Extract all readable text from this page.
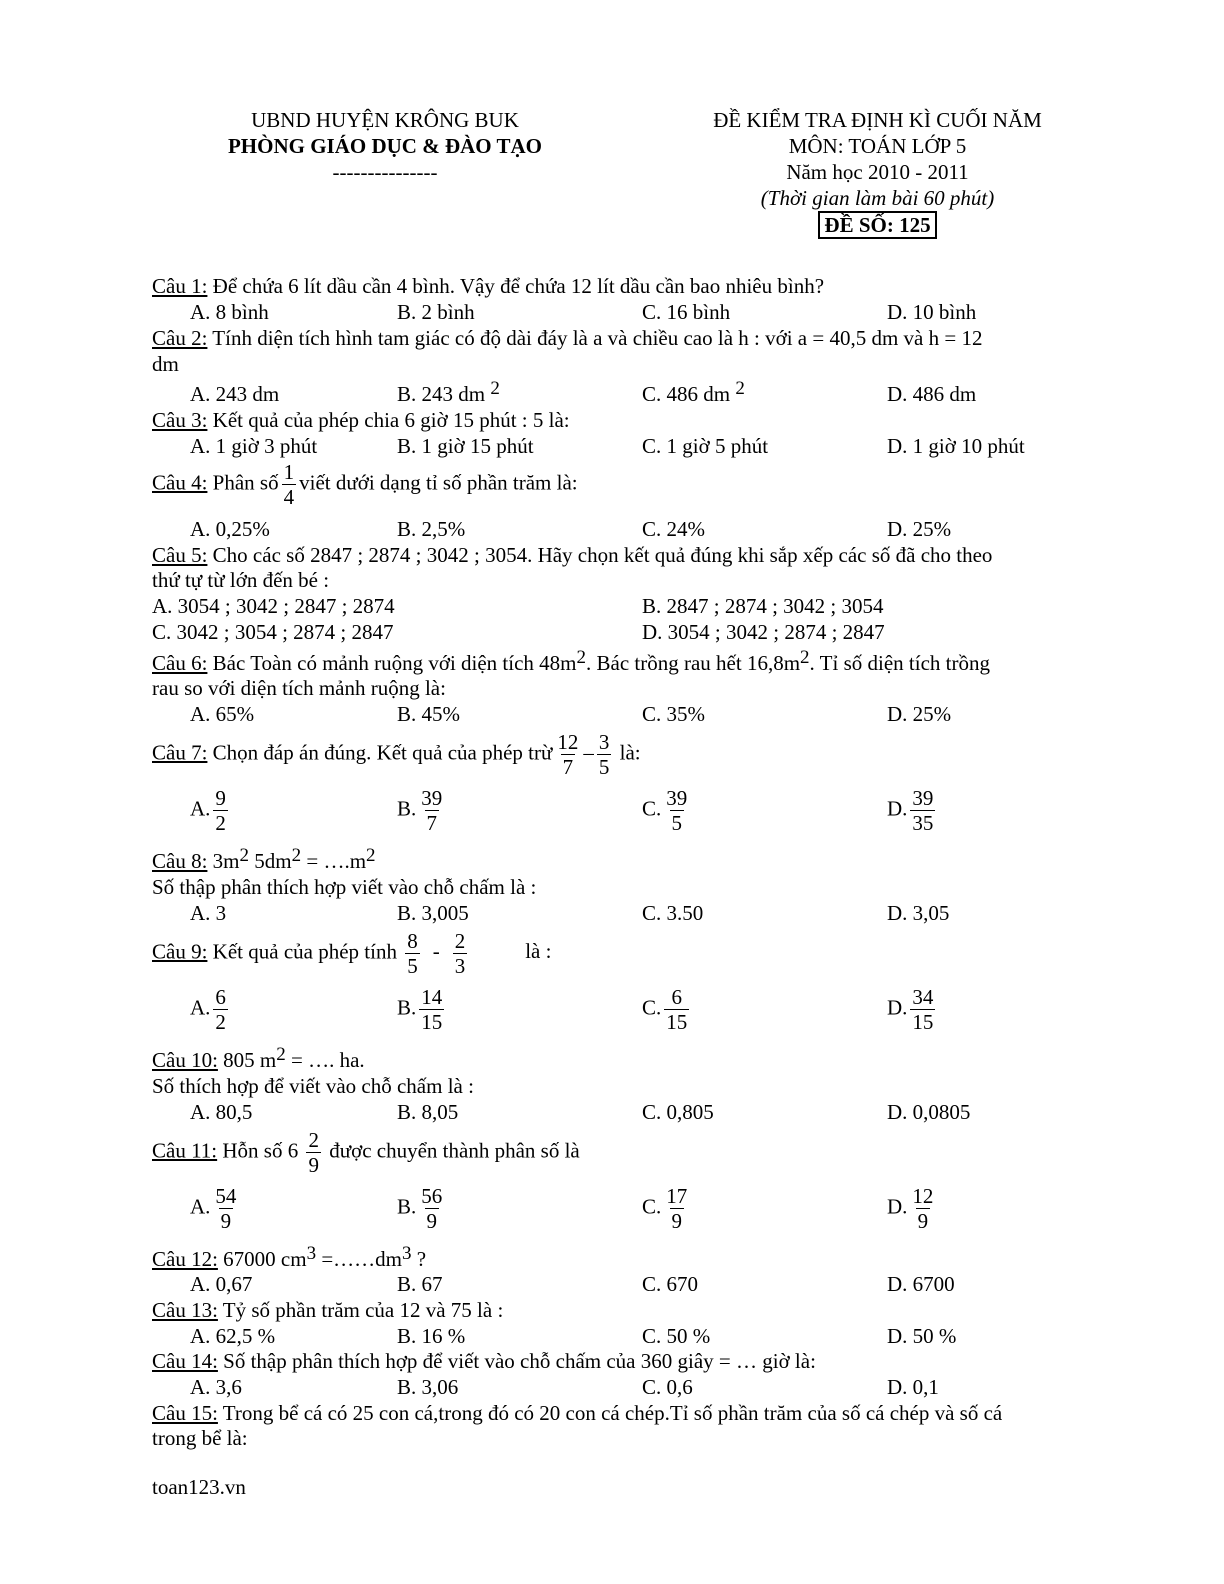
UBND HUYỆN KRÔNG BUK
PHÒNG GIÁO DỤC & ĐÀO TẠO
---------------
ĐỀ KIỂM TRA ĐỊNH KÌ CUỐI NĂM
MÔN: TOÁN LỚP 5
Năm học 2010 - 2011
(Thời gian làm bài 60 phút)
ĐỀ SỐ: 125
Câu 1: Để chứa 6 lít dầu cần 4 bình. Vậy để chứa 12 lít dầu cần bao nhiêu bình?
A. 8 bình	B. 2 bình	C. 16 bình	D. 10 bình
Câu 2: Tính diện tích hình tam giác có độ dài đáy là a và chiều cao là h : với a = 40,5 dm và h = 12
dm
A. 243 dm	B. 243 dm $^2$	C. 486 dm $^2$	D. 486 dm
Câu 3: Kết quả của phép chia 6 giờ 15 phút : 5 là:
A. 1 giờ 3 phút	B. 1 giờ 15 phút	C. 1 giờ 5 phút	D. 1 giờ 10 phút
Câu 4: Phân số $\frac{1}{4}$ viết dưới dạng tỉ số phần trăm là:
A. 0,25%	B. 2,5%	C. 24%	D. 25%
Câu 5: Cho các số 2847 ; 2874 ; 3042 ; 3054. Hãy chọn kết quả đúng khi sắp xếp các số đã cho theo
thứ tự từ lớn đến bé :
A. 3054 ; 3042 ; 2847 ; 2874	B. 2847 ; 2874 ; 3042 ; 3054
C. 3042 ; 3054 ; 2874 ; 2847	D. 3054 ; 3042 ; 2874 ; 2847
Câu 6: Bác Toàn có mảnh ruộng với diện tích $48m^2$. Bác trồng rau hết $16,8m^2$. Tỉ số diện tích trồng
rau so với diện tích mảnh ruộng là:
A. 65%	B. 45%	C. 35%	D. 25%
Câu 7: Chọn đáp án đúng. Kết quả của phép trừ $\frac{12}{7} - \frac{3}{5}$ là:
A. $\frac{9}{2}$	B. $\frac{39}{7}$	C. $\frac{39}{5}$	D. $\frac{39}{35}$
Câu 8: $3m^2$ $5dm^2$ = $\dots.m^2$
Số thập phân thích hợp viết vào chỗ chấm là :
A. 3	B. 3,005	C. 3.50	D. 3,05
Câu 9: Kết quả của phép tính $\frac{8}{5} - \frac{2}{3}$	là :
A. $\frac{6}{2}$	B. $\frac{14}{15}$	C. $\frac{6}{15}$	D. $\frac{34}{15}$
Câu 10: 805 $m^2$ = …. ha.
Số thích hợp để viết vào chỗ chấm là :
A. 80,5	B. 8,05	C. 0,805	D. 0,0805
Câu 11: Hỗn số $6 \frac{2}{9}$ được chuyển thành phân số là
A. $\frac{54}{9}$	B. $\frac{56}{9}$	C. $\frac{17}{9}$	D. $\frac{12}{9}$
Câu 12: 67000 $cm^3$ $=\dots\dots dm^3$ ?
A. 0,67	B. 67	C. 670	D. 6700
Câu 13: Tỷ số phần trăm của 12 và 75 là :
A. 62,5 %	B. 16 %	C. 50 %	D. 50 %
Câu 14: Số thập phân thích hợp để viết vào chỗ chấm của 360 giây = … giờ là:
A. 3,6	B. 3,06	C. 0,6	D. 0,1
Câu 15: Trong bể cá có 25 con cá,trong đó có 20 con cá chép.Tỉ số phần trăm của số cá chép và số cá
trong bể là:
toan123.vn
